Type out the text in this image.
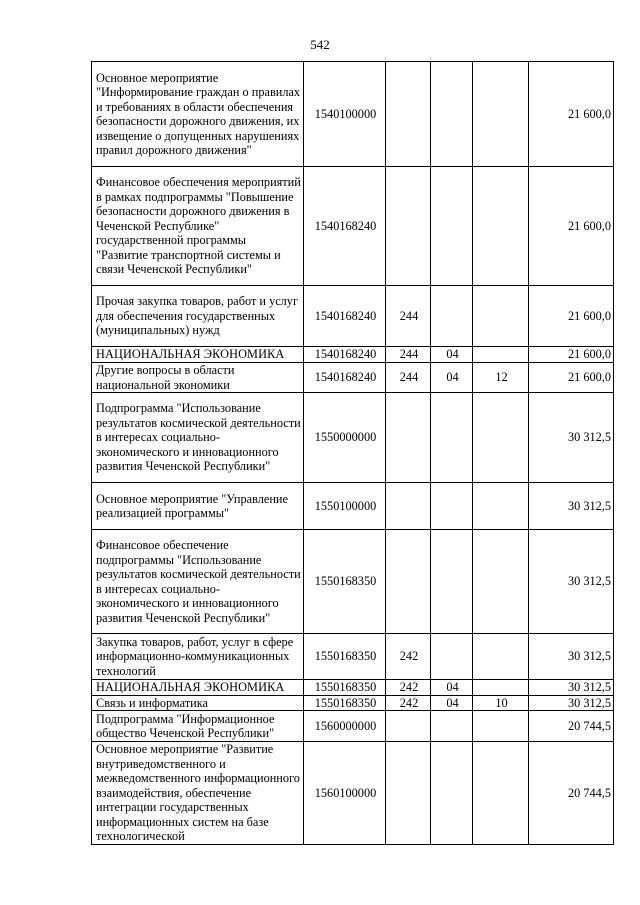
542
Основное мероприятие "Информирование граждан о правилах и требованиях в области обеспечения безопасности дорожного движения, их извещение о допущенных нарушениях правил дорожного движения"	1540100000				21 600,0
Финансовое обеспечения мероприятий в рамках подпрограммы "Повышение безопасности дорожного движения в Чеченской Республике" государственной программы "Развитие транспортной системы и связи Чеченской Республики"	1540168240				21 600,0
Прочая закупка товаров, работ и услуг для обеспечения государственных (муниципальных) нужд	1540168240	244			21 600,0
НАЦИОНАЛЬНАЯ ЭКОНОМИКА	1540168240	244	04		21 600,0
Другие вопросы в области национальной экономики	1540168240	244	04	12	21 600,0
Подпрограмма "Использование результатов космической деятельности в интересах социально-экономического и инновационного развития Чеченской Республики"	1550000000				30 312,5
Основное мероприятие "Управление реализацией программы"	1550100000				30 312,5
Финансовое обеспечение подпрограммы "Использование результатов космической деятельности в интересах социально-экономического и инновационного развития Чеченской Республики"	1550168350				30 312,5
Закупка товаров, работ, услуг в сфере информационно-коммуникационных технологий	1550168350	242			30 312,5
НАЦИОНАЛЬНАЯ ЭКОНОМИКА	1550168350	242	04		30 312,5
Связь и информатика	1550168350	242	04	10	30 312,5
Подпрограмма "Информационное общество Чеченской Республики"	1560000000				20 744,5
Основное мероприятие "Развитие внутриведомственного и межведомственного информационного взаимодействия, обеспечение интеграции государственных информационных систем на базе технологической	1560100000				20 744,5
